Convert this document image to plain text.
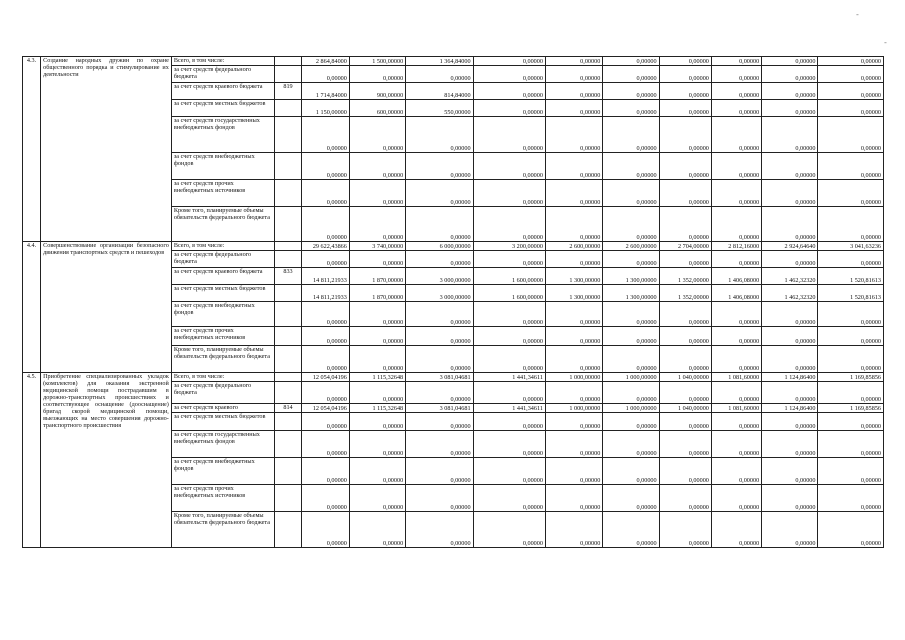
-
-
4.3.	Создание народных дружин по охране общественного порядка и стимулирование их деятельности	Всего, в том числе:		2 864,84000	1 500,00000	1 364,84000	0,00000	0,00000	0,00000	0,00000	0,00000	0,00000	0,00000
		за счет средств федерального бюджета		0,00000	0,00000	0,00000	0,00000	0,00000	0,00000	0,00000	0,00000	0,00000	0,00000
		за счет средств краевого бюджета	819	1 714,84000	900,00000	814,84000	0,00000	0,00000	0,00000	0,00000	0,00000	0,00000	0,00000
		за счет средств местных бюджетов		1 150,00000	600,00000	550,00000	0,00000	0,00000	0,00000	0,00000	0,00000	0,00000	0,00000
		за счет средств государственных внебюджетных фондов		0,00000	0,00000	0,00000	0,00000	0,00000	0,00000	0,00000	0,00000	0,00000	0,00000
		за счет средств внебюджетных фондов		0,00000	0,00000	0,00000	0,00000	0,00000	0,00000	0,00000	0,00000	0,00000	0,00000
		за счет средств прочих внебюджетных источников		0,00000	0,00000	0,00000	0,00000	0,00000	0,00000	0,00000	0,00000	0,00000	0,00000
		Кроме того, планируемые объемы обязательств федерального бюджета		0,00000	0,00000	0,00000	0,00000	0,00000	0,00000	0,00000	0,00000	0,00000	0,00000
4.4.	Совершенствование организации безопасного движения транспортных средств и пешеходов	Всего, в том числе:		29 622,43866	3 740,00000	6 000,00000	3 200,00000	2 600,00000	2 600,00000	2 704,00000	2 812,16000	2 924,64640	3 041,63236
		за счет средств федерального бюджета		0,00000	0,00000	0,00000	0,00000	0,00000	0,00000	0,00000	0,00000	0,00000	0,00000
		за счет средств краевого бюджета	833	14 811,21933	1 870,00000	3 000,00000	1 600,00000	1 300,00000	1 300,00000	1 352,00000	1 406,08000	1 462,32320	1 520,81613
		за счет средств местных бюджетов		14 811,21933	1 870,00000	3 000,00000	1 600,00000	1 300,00000	1 300,00000	1 352,00000	1 406,08000	1 462,32320	1 520,81613
		за счет средств внебюджетных фондов		0,00000	0,00000	0,00000	0,00000	0,00000	0,00000	0,00000	0,00000	0,00000	0,00000
		за счет средств прочих внебюджетных источников		0,00000	0,00000	0,00000	0,00000	0,00000	0,00000	0,00000	0,00000	0,00000	0,00000
		Кроме того, планируемые объемы обязательств федерального бюджета		0,00000	0,00000	0,00000	0,00000	0,00000	0,00000	0,00000	0,00000	0,00000	0,00000
4.5.	Приобретение специализированных укладок (комплектов) для оказания экстренной медицинской помощи пострадавшим в дорожно-транспортных происшествиях и соответствующее оснащение (дооснащение) бригад скорой медицинской помощи, выезжающих на место совершения дорожно-транспортного происшествия	Всего, в том числе:		12 054,04196	1 115,32648	3 081,04681	1 441,34611	1 000,00000	1 000,00000	1 040,00000	1 081,60000	1 124,86400	1 169,85856
		за счет средств федерального бюджета		0,00000	0,00000	0,00000	0,00000	0,00000	0,00000	0,00000	0,00000	0,00000	0,00000
		за счет средств краевого	814	12 054,04196	1 115,32648	3 081,04681	1 441,34611	1 000,00000	1 000,00000	1 040,00000	1 081,60000	1 124,86400	1 169,85856
		за счет средств местных бюджетов		0,00000	0,00000	0,00000	0,00000	0,00000	0,00000	0,00000	0,00000	0,00000	0,00000
		за счет средств государственных внебюджетных фондов		0,00000	0,00000	0,00000	0,00000	0,00000	0,00000	0,00000	0,00000	0,00000	0,00000
		за счет средств внебюджетных фондов		0,00000	0,00000	0,00000	0,00000	0,00000	0,00000	0,00000	0,00000	0,00000	0,00000
		за счет средств прочих внебюджетных источников		0,00000	0,00000	0,00000	0,00000	0,00000	0,00000	0,00000	0,00000	0,00000	0,00000
		Кроме того, планируемые объемы обязательств федерального бюджета		0,00000	0,00000	0,00000	0,00000	0,00000	0,00000	0,00000	0,00000	0,00000	0,00000
